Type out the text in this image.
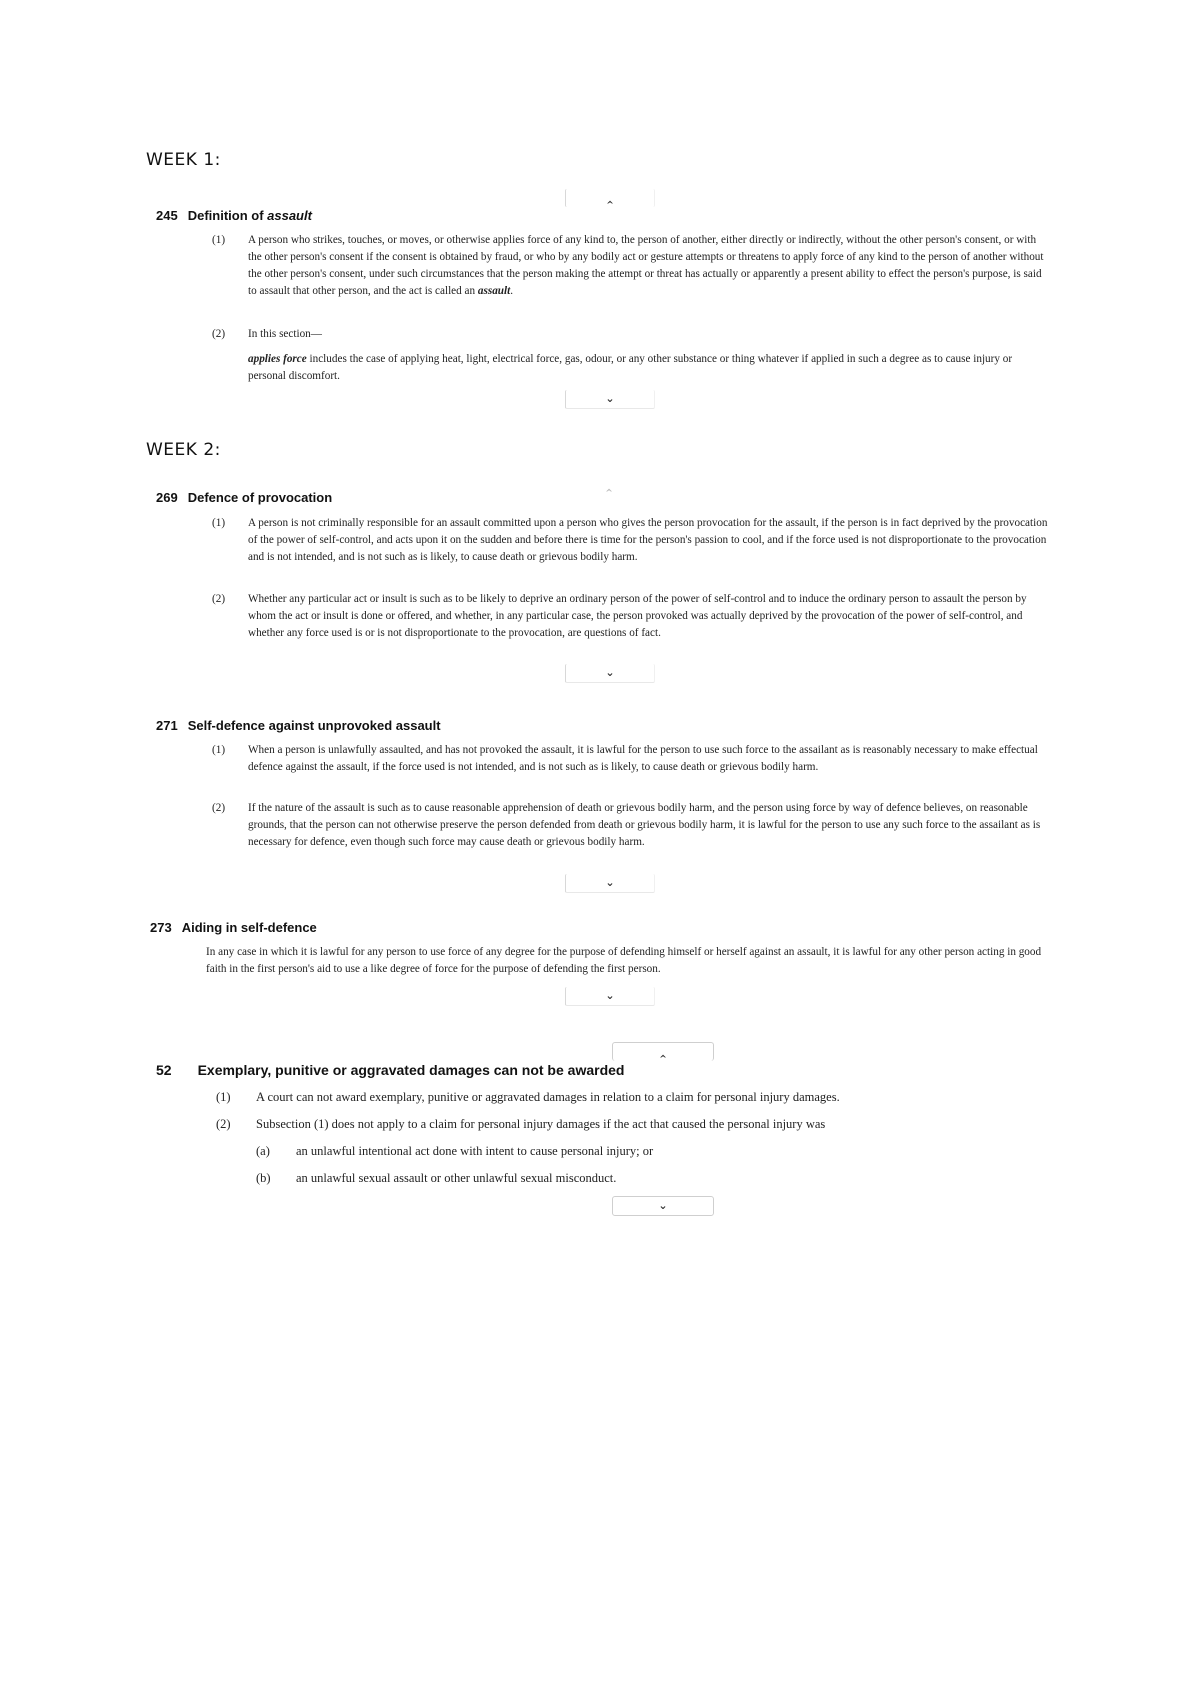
WEEK 1:
‸
245 Definition of assault
(1) A person who strikes, touches, or moves, or otherwise applies force of any kind to, the person of another, either directly or indirectly, without the other person's consent, or with the other person's consent if the consent is obtained by fraud, or who by any bodily act or gesture attempts or threatens to apply force of any kind to the person of another without the other person's consent, under such circumstances that the person making the attempt or threat has actually or apparently a present ability to effect the person's purpose, is said to assault that other person, and the act is called an assault.
(2) In this section—
applies force includes the case of applying heat, light, electrical force, gas, odour, or any other substance or thing whatever if applied in such a degree as to cause injury or personal discomfort.
⌄
WEEK 2:
‸
269 Defence of provocation
(1) A person is not criminally responsible for an assault committed upon a person who gives the person provocation for the assault, if the person is in fact deprived by the provocation of the power of self-control, and acts upon it on the sudden and before there is time for the person's passion to cool, and if the force used is not disproportionate to the provocation and is not intended, and is not such as is likely, to cause death or grievous bodily harm.
(2) Whether any particular act or insult is such as to be likely to deprive an ordinary person of the power of self-control and to induce the ordinary person to assault the person by whom the act or insult is done or offered, and whether, in any particular case, the person provoked was actually deprived by the provocation of the power of self-control, and whether any force used is or is not disproportionate to the provocation, are questions of fact.
⌄
271 Self-defence against unprovoked assault
(1) When a person is unlawfully assaulted, and has not provoked the assault, it is lawful for the person to use such force to the assailant as is reasonably necessary to make effectual defence against the assault, if the force used is not intended, and is not such as is likely, to cause death or grievous bodily harm.
(2) If the nature of the assault is such as to cause reasonable apprehension of death or grievous bodily harm, and the person using force by way of defence believes, on reasonable grounds, that the person can not otherwise preserve the person defended from death or grievous bodily harm, it is lawful for the person to use any such force to the assailant as is necessary for defence, even though such force may cause death or grievous bodily harm.
⌄
273 Aiding in self-defence
In any case in which it is lawful for any person to use force of any degree for the purpose of defending himself or herself against an assault, it is lawful for any other person acting in good faith in the first person's aid to use a like degree of force for the purpose of defending the first person.
⌄
‸
52 Exemplary, punitive or aggravated damages can not be awarded
(1) A court can not award exemplary, punitive or aggravated damages in relation to a claim for personal injury damages.
(2) Subsection (1) does not apply to a claim for personal injury damages if the act that caused the personal injury was
(a) an unlawful intentional act done with intent to cause personal injury; or
(b) an unlawful sexual assault or other unlawful sexual misconduct.
⌄
